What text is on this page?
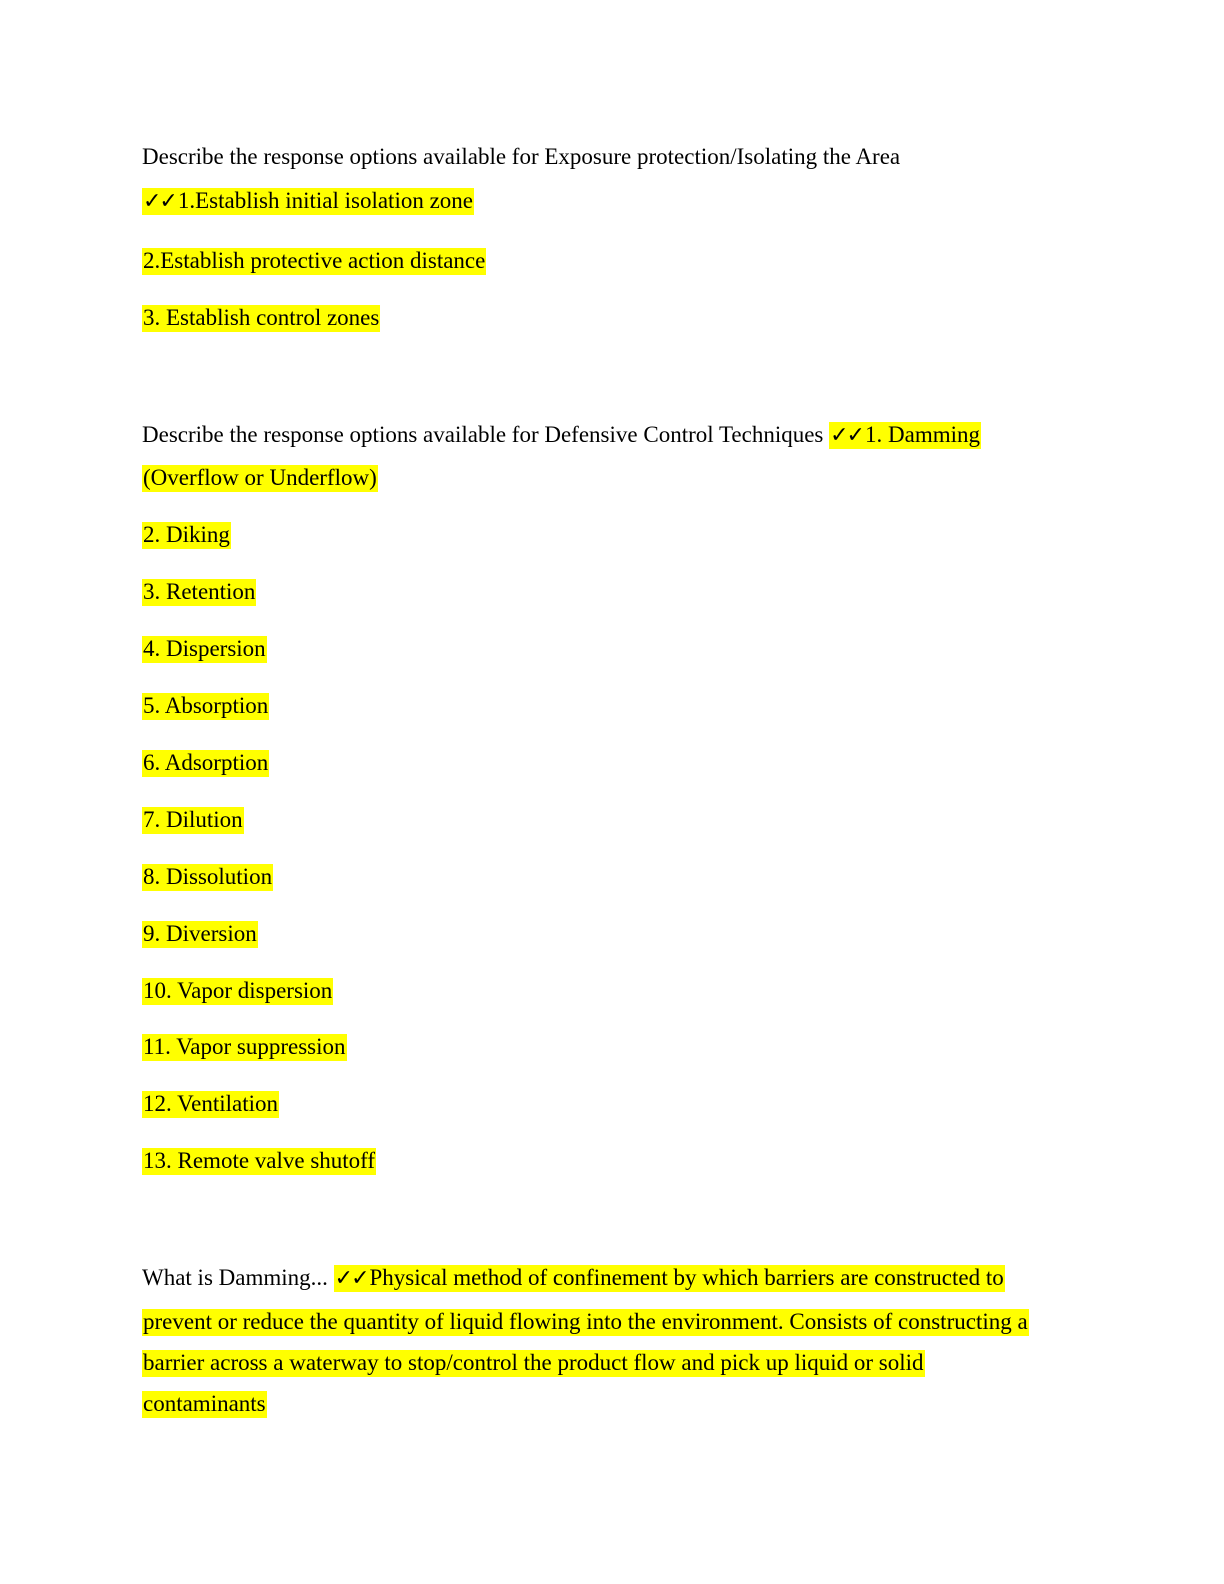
Describe the response options available for Exposure protection/Isolating the Area
✓✓1.Establish initial isolation zone
2.Establish protective action distance
3. Establish control zones
Describe the response options available for Defensive Control Techniques ✓✓1. Damming
(Overflow or Underflow)
2. Diking
3. Retention
4. Dispersion
5. Absorption
6. Adsorption
7. Dilution
8. Dissolution
9. Diversion
10. Vapor dispersion
11. Vapor suppression
12. Ventilation
13. Remote valve shutoff
What is Damming... ✓✓Physical method of confinement by which barriers are constructed to
prevent or reduce the quantity of liquid flowing into the environment. Consists of constructing a
barrier across a waterway to stop/control the product flow and pick up liquid or solid
contaminants
